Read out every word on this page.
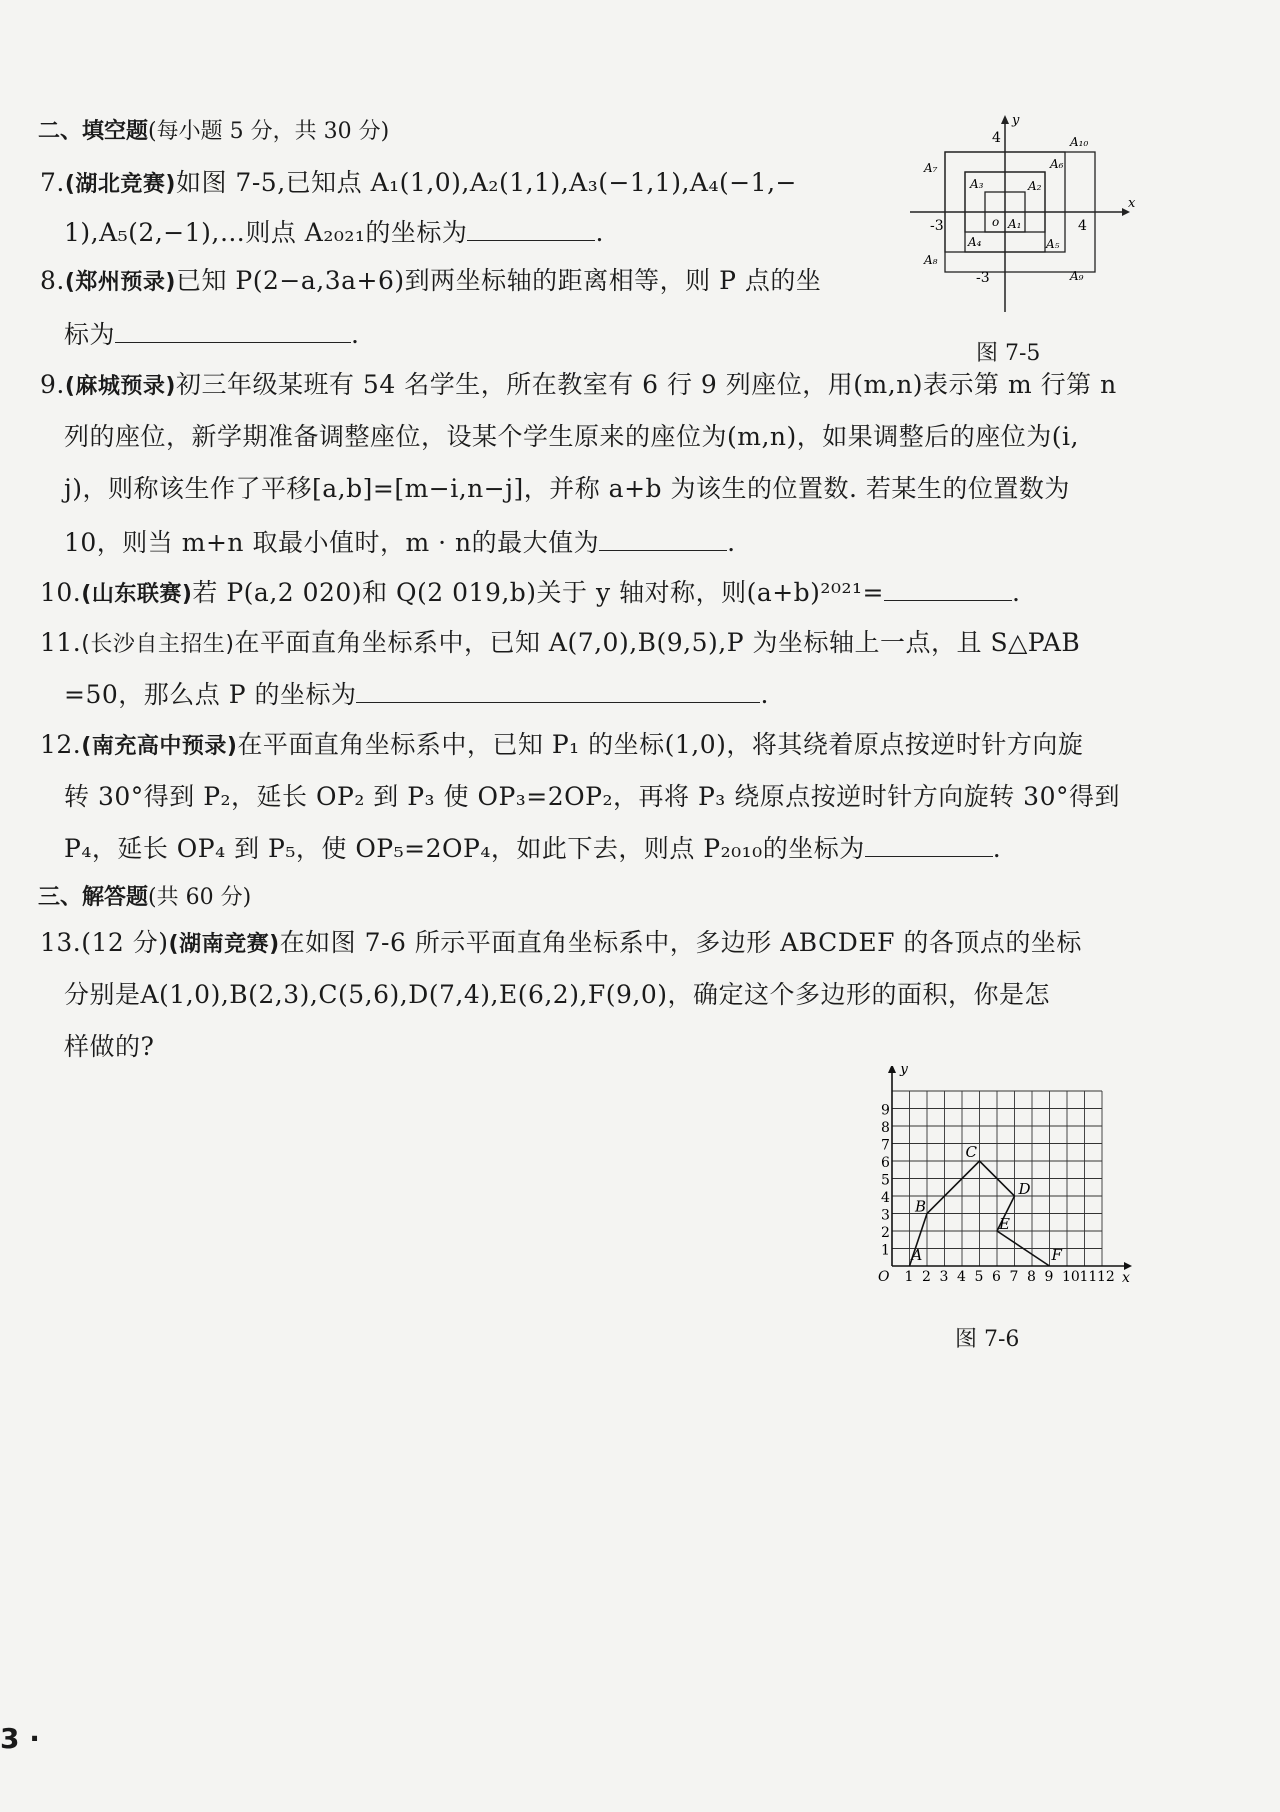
二、填空题(每小题 5 分，共 30 分)
7.(湖北竞赛)如图 7-5,已知点 A₁(1,0),A₂(1,1),A₃(−1,1),A₄(−1,−
1),A₅(2,−1),…则点 A₂₀₂₁的坐标为	.
8.(郑州预录)已知 P(2−a,3a+6)到两坐标轴的距离相等，则 P 点的坐
标为	.
9.(麻城预录)初三年级某班有 54 名学生，所在教室有 6 行 9 列座位，用(m,n)表示第 m 行第 n
列的座位，新学期准备调整座位，设某个学生原来的座位为(m,n)，如果调整后的座位为(i,
j)，则称该生作了平移[a,b]=[m−i,n−j]，并称 a+b 为该生的位置数. 若某生的位置数为
10，则当 m+n 取最小值时，m · n的最大值为	.
10.(山东联赛)若 P(a,2 020)和 Q(2 019,b)关于 y 轴对称，则(a+b)²⁰²¹=	.
11.(长沙自主招生)在平面直角坐标系中，已知 A(7,0),B(9,5),P 为坐标轴上一点，且 S△PAB
=50，那么点 P 的坐标为	.
12.(南充高中预录)在平面直角坐标系中，已知 P₁ 的坐标(1,0)，将其绕着原点按逆时针方向旋
转 30°得到 P₂，延长 OP₂ 到 P₃ 使 OP₃=2OP₂，再将 P₃ 绕原点按逆时针方向旋转 30°得到
P₄，延长 OP₄ 到 P₅，使 OP₅=2OP₄，如此下去，则点 P₂₀₁₀的坐标为	.
三、解答题(共 60 分)
13.(12 分)(湖南竞赛)在如图 7-6 所示平面直角坐标系中，多边形 ABCDEF 的各顶点的坐标
分别是A(1,0),B(2,3),C(5,6),D(7,4),E(6,2),F(9,0)，确定这个多边形的面积，你是怎
样做的?
y
x
4
4
-3
-3
o A₁
A₂
A₃
A₄	A₅
A₆
A₇
A₈
A₉
A₁₀
图 7-5
1 2 3 4 5 6 7 8 9 10 11 12
1
2
3
4
5
6
7
8
9
O	x
y
A
B
C
D
E
F
图 7-6
3 ·
